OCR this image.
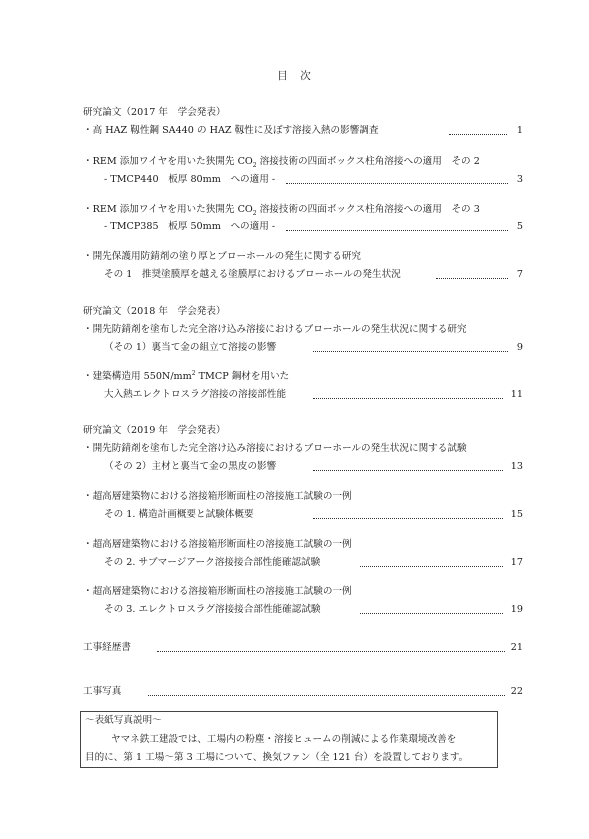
目　次
研究論文（2017 年　学会発表）
・高 HAZ 靱性鋼 SA440 の HAZ 靱性に及ぼす溶接入熱の影響調査	1
・REM 添加ワイヤを用いた狭開先 $CO_2$ 溶接技術の四面ボックス柱角溶接への適用　その 2
- TMCP440　板厚 80mm　への適用 -	3
・REM 添加ワイヤを用いた狭開先 $CO_2$ 溶接技術の四面ボックス柱角溶接への適用　その 3
- TMCP385　板厚 50mm　への適用 -	5
・開先保護用防錆剤の塗り厚とブローホールの発生に関する研究
その 1　推奨塗膜厚を越える塗膜厚におけるブローホールの発生状況	7
研究論文（2018 年　学会発表）
・開先防錆剤を塗布した完全溶け込み溶接におけるブローホールの発生状況に関する研究
（その 1）裏当て金の組立て溶接の影響	9
・建築構造用 $550N/mm^2$ TMCP 鋼材を用いた
大入熱エレクトロスラグ溶接の溶接部性能	11
研究論文（2019 年　学会発表）
・開先防錆剤を塗布した完全溶け込み溶接におけるブローホールの発生状況に関する試験
（その 2）主材と裏当て金の黒皮の影響	13
・超高層建築物における溶接箱形断面柱の溶接施工試験の一例
その 1. 構造計画概要と試験体概要	15
・超高層建築物における溶接箱形断面柱の溶接施工試験の一例
その 2. サブマージアーク溶接接合部性能確認試験	17
・超高層建築物における溶接箱形断面柱の溶接施工試験の一例
その 3. エレクトロスラグ溶接接合部性能確認試験	19
工事経歴書	21
工事写真	22
～表紙写真説明～
ヤマネ鉄工建設では、工場内の粉塵・溶接ヒュームの削減による作業環境改善を
目的に、第 1 工場～第 3 工場について、換気ファン（全 121 台）を設置しております。
